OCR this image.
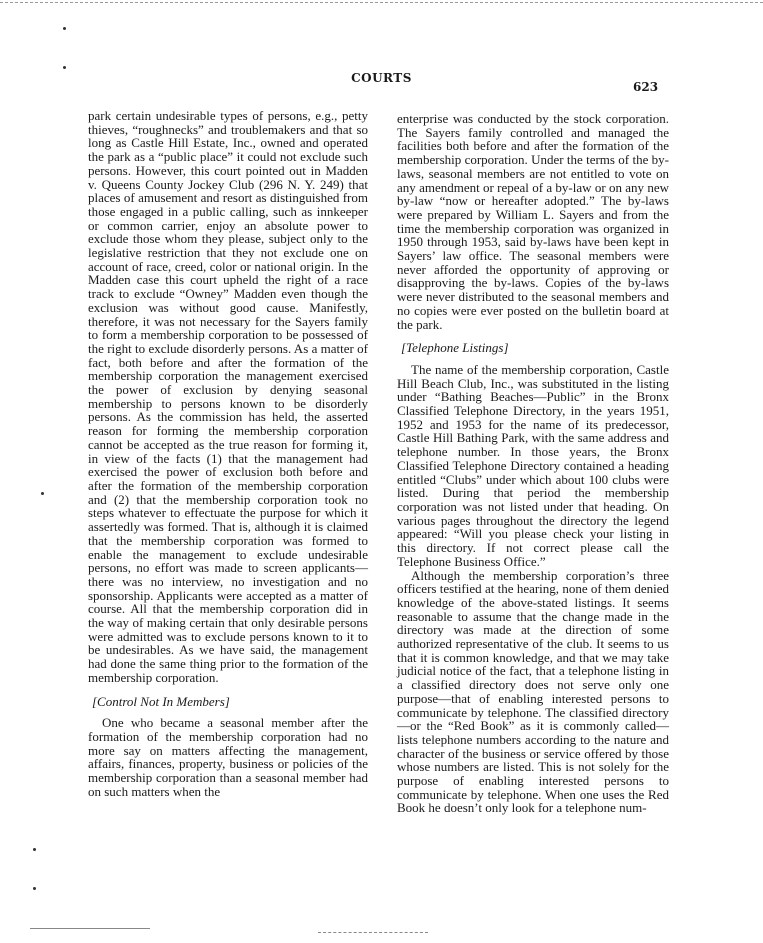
COURTS
623

park certain undesirable types of persons, e.g., petty thieves, “roughnecks” and troublemakers and that so long as Castle Hill Estate, Inc., owned and operated the park as a “public place” it could not exclude such persons. However, this court pointed out in Madden v. Queens County Jockey Club (296 N. Y. 249) that places of amusement and resort as distinguished from those engaged in a public calling, such as innkeeper or common carrier, enjoy an absolute power to exclude those whom they please, subject only to the legislative restriction that they not exclude one on account of race, creed, color or national origin. In the Madden case this court upheld the right of a race track to exclude “Owney” Madden even though the exclusion was without good cause. Manifestly, therefore, it was not necessary for the Sayers family to form a membership corporation to be possessed of the right to exclude disorderly persons. As a matter of fact, both before and after the formation of the membership corporation the management exercised the power of exclusion by denying seasonal membership to persons known to be disorderly persons. As the commission has held, the asserted reason for forming the membership corporation cannot be accepted as the true reason for forming it, in view of the facts (1) that the management had exercised the power of exclusion both before and after the formation of the membership corporation and (2) that the membership corporation took no steps whatever to effectuate the purpose for which it assertedly was formed. That is, although it is claimed that the membership corporation was formed to enable the management to exclude undesirable persons, no effort was made to screen applicants—there was no interview, no investigation and no sponsorship. Applicants were accepted as a matter of course. All that the membership corporation did in the way of making certain that only desirable persons were admitted was to exclude persons known to it to be undesirables. As we have said, the management had done the same thing prior to the formation of the membership corporation.

[Control Not In Members]

One who became a seasonal member after the formation of the membership corporation had no more say on matters affecting the management, affairs, finances, property, business or policies of the membership corporation than a seasonal member had on such matters when the

enterprise was conducted by the stock corporation. The Sayers family controlled and managed the facilities both before and after the formation of the membership corporation. Under the terms of the by-laws, seasonal members are not entitled to vote on any amendment or repeal of a by-law or on any new by-law “now or hereafter adopted.” The by-laws were prepared by William L. Sayers and from the time the membership corporation was organized in 1950 through 1953, said by-laws have been kept in Sayers’ law office. The seasonal members were never afforded the opportunity of approving or disapproving the by-laws. Copies of the by-laws were never distributed to the seasonal members and no copies were ever posted on the bulletin board at the park.

[Telephone Listings]

The name of the membership corporation, Castle Hill Beach Club, Inc., was substituted in the listing under “Bathing Beaches—Public” in the Bronx Classified Telephone Directory, in the years 1951, 1952 and 1953 for the name of its predecessor, Castle Hill Bathing Park, with the same address and telephone number. In those years, the Bronx Classified Telephone Directory contained a heading entitled “Clubs” under which about 100 clubs were listed. During that period the membership corporation was not listed under that heading. On various pages throughout the directory the legend appeared: “Will you please check your listing in this directory. If not correct please call the Telephone Business Office.”

Although the membership corporation’s three officers testified at the hearing, none of them denied knowledge of the above-stated listings. It seems reasonable to assume that the change made in the directory was made at the direction of some authorized representative of the club. It seems to us that it is common knowledge, and that we may take judicial notice of the fact, that a telephone listing in a classified directory does not serve only one purpose—that of enabling interested persons to communicate by telephone. The classified directory—or the “Red Book” as it is commonly called—lists telephone numbers according to the nature and character of the business or service offered by those whose numbers are listed. This is not solely for the purpose of enabling interested persons to communicate by telephone. When one uses the Red Book he doesn’t only look for a telephone num-
